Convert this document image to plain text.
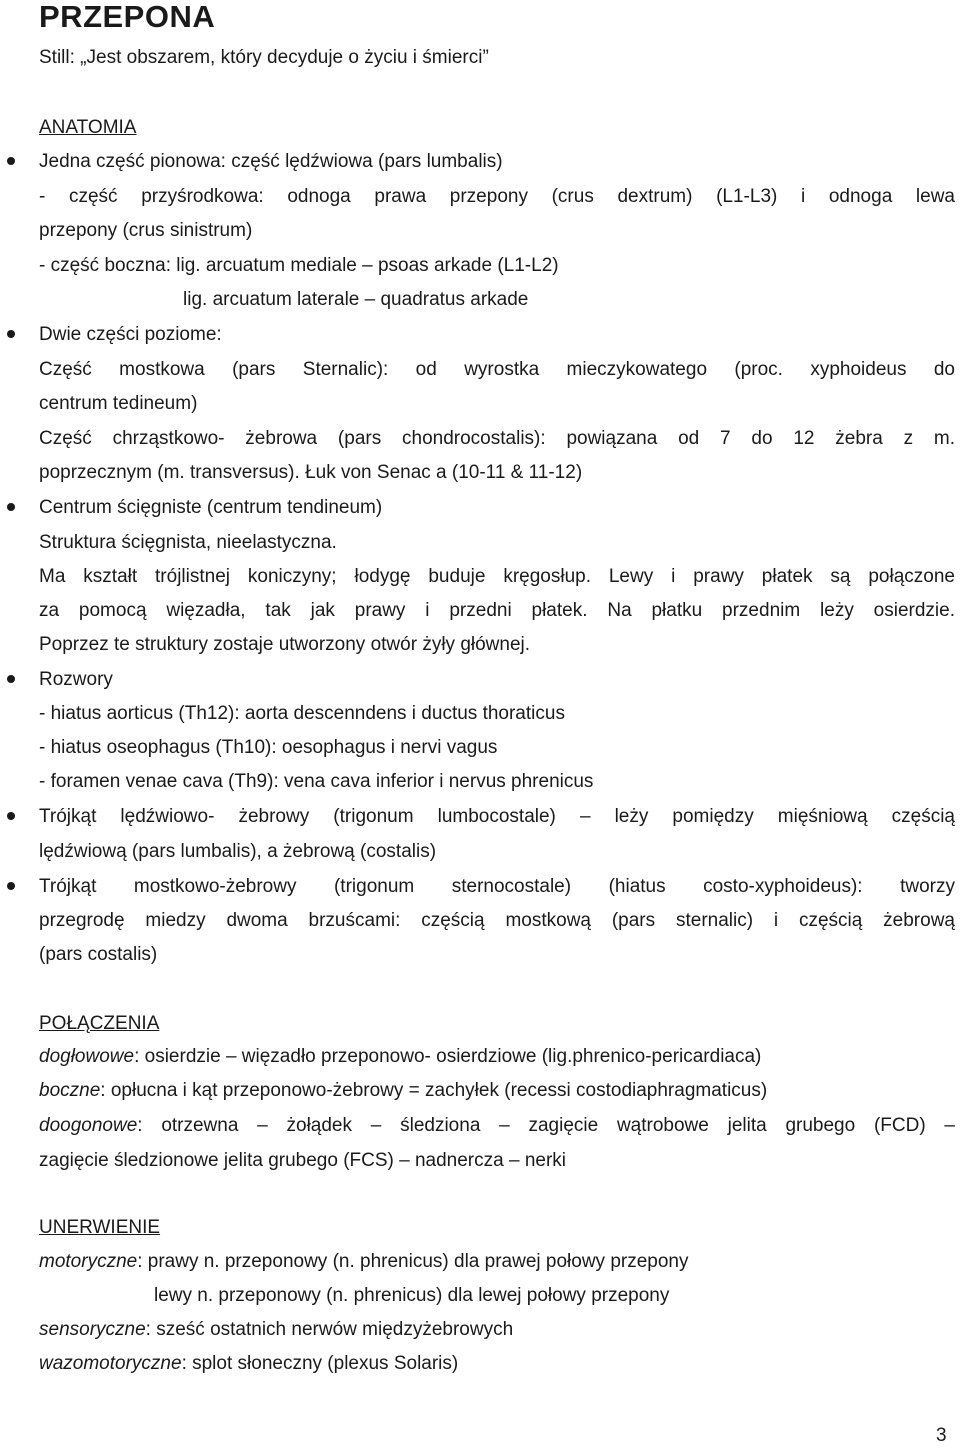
PRZEPONA
Still: „Jest obszarem, który decyduje o życiu i śmierci”
ANATOMIA
Jedna część pionowa: część lędźwiowa (pars lumbalis)
- część przyśrodkowa: odnoga prawa przepony (crus dextrum) (L1-L3) i odnoga lewa
przepony (crus sinistrum)
- część boczna: lig. arcuatum mediale – psoas arkade (L1-L2)
lig. arcuatum laterale – quadratus arkade
Dwie części poziome:
Część mostkowa (pars Sternalic): od wyrostka mieczykowatego (proc. xyphoideus do
centrum tedineum)
Część chrząstkowo- żebrowa (pars chondrocostalis): powiązana od 7 do 12 żebra z m.
poprzecznym (m. transversus). Łuk von Senac a (10-11 & 11-12)
Centrum ścięgniste (centrum tendineum)
Struktura ścięgnista, nieelastyczna.
Ma kształt trójlistnej koniczyny; łodygę buduje kręgosłup. Lewy i prawy płatek są połączone
za pomocą więzadła, tak jak prawy i przedni płatek. Na płatku przednim leży osierdzie.
Poprzez te struktury zostaje utworzony otwór żyły głównej.
Rozwory
- hiatus aorticus (Th12): aorta descenndens i ductus thoraticus
- hiatus oseophagus (Th10): oesophagus i nervi vagus
- foramen venae cava (Th9): vena cava inferior i nervus phrenicus
Trójkąt lędźwiowo- żebrowy (trigonum lumbocostale) – leży pomiędzy mięśniową częścią
lędźwiową (pars lumbalis), a żebrową (costalis)
Trójkąt mostkowo-żebrowy (trigonum sternocostale) (hiatus costo-xyphoideus): tworzy
przegrodę miedzy dwoma brzuścami: częścią mostkową (pars sternalic) i częścią żebrową
(pars costalis)
POŁĄCZENIA
dogłowowe: osierdzie – więzadło przeponowo- osierdziowe (lig.phrenico-pericardiaca)
boczne: opłucna i kąt przeponowo-żebrowy = zachyłek (recessi costodiaphragmaticus)
doogonowe: otrzewna – żołądek – śledziona – zagięcie wątrobowe jelita grubego (FCD) –
zagięcie śledzionowe jelita grubego (FCS) – nadnercza – nerki
UNERWIENIE
motoryczne: prawy n. przeponowy (n. phrenicus) dla prawej połowy przepony
lewy n. przeponowy (n. phrenicus) dla lewej połowy przepony
sensoryczne: sześć ostatnich nerwów międzyżebrowych
wazomotoryczne: splot słoneczny (plexus Solaris)
3
